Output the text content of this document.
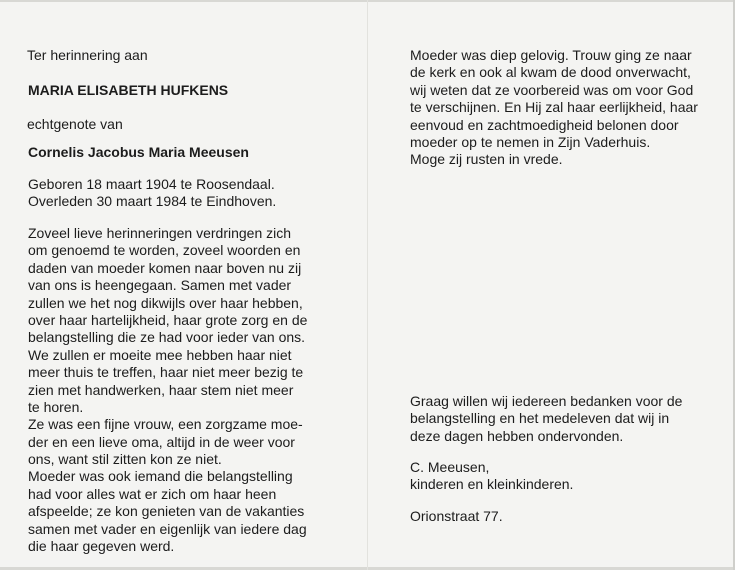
Ter herinnering aan
MARIA ELISABETH HUFKENS
echtgenote van
Cornelis Jacobus Maria Meeusen
Geboren 18 maart 1904 te Roosendaal.
Overleden 30 maart 1984 te Eindhoven.
Zoveel lieve herinneringen verdringen zich
om genoemd te worden, zoveel woorden en
daden van moeder komen naar boven nu zij
van ons is heengegaan. Samen met vader
zullen we het nog dikwijls over haar hebben,
over haar hartelijkheid, haar grote zorg en de
belangstelling die ze had voor ieder van ons.
We zullen er moeite mee hebben haar niet
meer thuis te treffen, haar niet meer bezig te
zien met handwerken, haar stem niet meer
te horen.
Ze was een fijne vrouw, een zorgzame moe-
der en een lieve oma, altijd in de weer voor
ons, want stil zitten kon ze niet.
Moeder was ook iemand die belangstelling
had voor alles wat er zich om haar heen
afspeelde; ze kon genieten van de vakanties
samen met vader en eigenlijk van iedere dag
die haar gegeven werd.
Moeder was diep gelovig. Trouw ging ze naar
de kerk en ook al kwam de dood onverwacht,
wij weten dat ze voorbereid was om voor God
te verschijnen. En Hij zal haar eerlijkheid, haar
eenvoud en zachtmoedigheid belonen door
moeder op te nemen in Zijn Vaderhuis.
Moge zij rusten in vrede.
Graag willen wij iedereen bedanken voor de
belangstelling en het medeleven dat wij in
deze dagen hebben ondervonden.
C. Meeusen,
kinderen en kleinkinderen.
Orionstraat 77.
